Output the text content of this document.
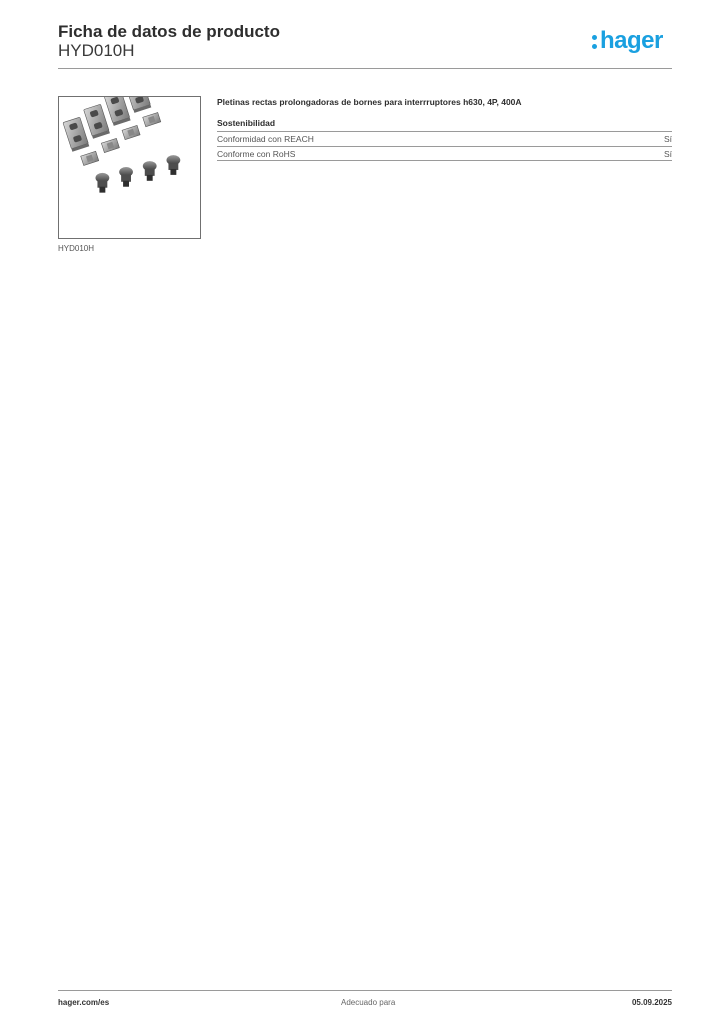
Ficha de datos de producto
HYD010H	hager
HYD010H
Pletinas rectas prolongadoras de bornes para interrruptores h630, 4P, 400A
Sostenibilidad
Conformidad con REACH	Sí
Conforme con RoHS	Sí
hager.com/es	Adecuado para	05.09.2025
